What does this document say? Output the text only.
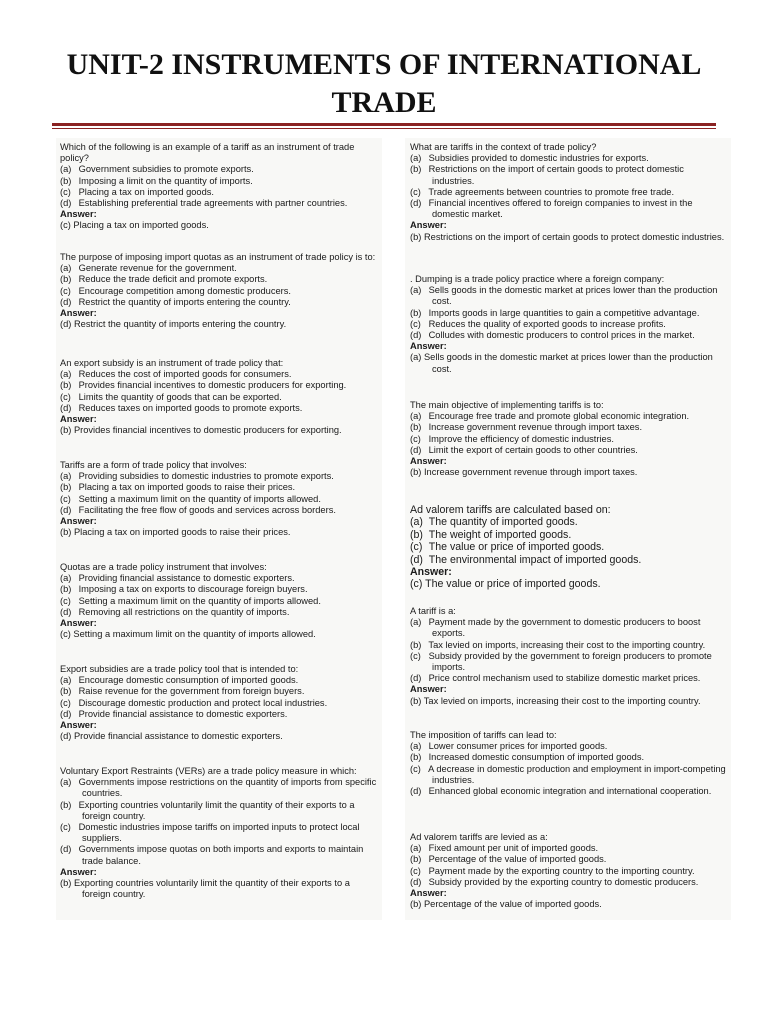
UNIT-2 INSTRUMENTS OF INTERNATIONAL TRADE

Which of the following is an example of a tariff as an instrument of trade policy?

(a) Government subsidies to promote exports.

(b) Imposing a limit on the quantity of imports.

(c) Placing a tax on imported goods.

(d) Establishing preferential trade agreements with partner countries.

Answer:

(c) Placing a tax on imported goods.

The purpose of imposing import quotas as an instrument of trade policy is to:

(a) Generate revenue for the government.

(b) Reduce the trade deficit and promote exports.

(c) Encourage competition among domestic producers.

(d) Restrict the quantity of imports entering the country.

Answer:

(d) Restrict the quantity of imports entering the country.

An export subsidy is an instrument of trade policy that:

(a) Reduces the cost of imported goods for consumers.

(b) Provides financial incentives to domestic producers for exporting.

(c) Limits the quantity of goods that can be exported.

(d) Reduces taxes on imported goods to promote exports.

Answer:

(b) Provides financial incentives to domestic producers for exporting.

Tariffs are a form of trade policy that involves:

(a) Providing subsidies to domestic industries to promote exports.

(b) Placing a tax on imported goods to raise their prices.

(c) Setting a maximum limit on the quantity of imports allowed.

(d) Facilitating the free flow of goods and services across borders.

Answer:

(b) Placing a tax on imported goods to raise their prices.

Quotas are a trade policy instrument that involves:

(a) Providing financial assistance to domestic exporters.

(b) Imposing a tax on exports to discourage foreign buyers.

(c) Setting a maximum limit on the quantity of imports allowed.

(d) Removing all restrictions on the quantity of imports.

Answer:

(c) Setting a maximum limit on the quantity of imports allowed.

Export subsidies are a trade policy tool that is intended to:

(a) Encourage domestic consumption of imported goods.

(b) Raise revenue for the government from foreign buyers.

(c) Discourage domestic production and protect local industries.

(d) Provide financial assistance to domestic exporters.

Answer:

(d) Provide financial assistance to domestic exporters.

Voluntary Export Restraints (VERs) are a trade policy measure in which:

(a) Governments impose restrictions on the quantity of imports from specific countries.

(b) Exporting countries voluntarily limit the quantity of their exports to a foreign country.

(c) Domestic industries impose tariffs on imported inputs to protect local suppliers.

(d) Governments impose quotas on both imports and exports to maintain trade balance.

Answer:

(b) Exporting countries voluntarily limit the quantity of their exports to a foreign country.

What are tariffs in the context of trade policy?

(a) Subsidies provided to domestic industries for exports.

(b) Restrictions on the import of certain goods to protect domestic industries.

(c) Trade agreements between countries to promote free trade.

(d) Financial incentives offered to foreign companies to invest in the domestic market.

Answer:

(b) Restrictions on the import of certain goods to protect domestic industries.

. Dumping is a trade policy practice where a foreign company:

(a) Sells goods in the domestic market at prices lower than the production cost.

(b) Imports goods in large quantities to gain a competitive advantage.

(c) Reduces the quality of exported goods to increase profits.

(d) Colludes with domestic producers to control prices in the market.

Answer:

(a) Sells goods in the domestic market at prices lower than the production cost.

The main objective of implementing tariffs is to:

(a) Encourage free trade and promote global economic integration.

(b) Increase government revenue through import taxes.

(c) Improve the efficiency of domestic industries.

(d) Limit the export of certain goods to other countries.

Answer:

(b) Increase government revenue through import taxes.

Ad valorem tariffs are calculated based on:

(a) The quantity of imported goods.

(b) The weight of imported goods.

(c) The value or price of imported goods.

(d) The environmental impact of imported goods.

Answer:

(c) The value or price of imported goods.

A tariff is a:

(a) Payment made by the government to domestic producers to boost exports.

(b) Tax levied on imports, increasing their cost to the importing country.

(c) Subsidy provided by the government to foreign producers to promote imports.

(d) Price control mechanism used to stabilize domestic market prices.

Answer:

(b) Tax levied on imports, increasing their cost to the importing country.

The imposition of tariffs can lead to:

(a) Lower consumer prices for imported goods.

(b) Increased domestic consumption of imported goods.

(c) A decrease in domestic production and employment in import-competing industries.

(d) Enhanced global economic integration and international cooperation.

Ad valorem tariffs are levied as a:

(a) Fixed amount per unit of imported goods.

(b) Percentage of the value of imported goods.

(c) Payment made by the exporting country to the importing country.

(d) Subsidy provided by the exporting country to domestic producers.

Answer:

(b) Percentage of the value of imported goods.
